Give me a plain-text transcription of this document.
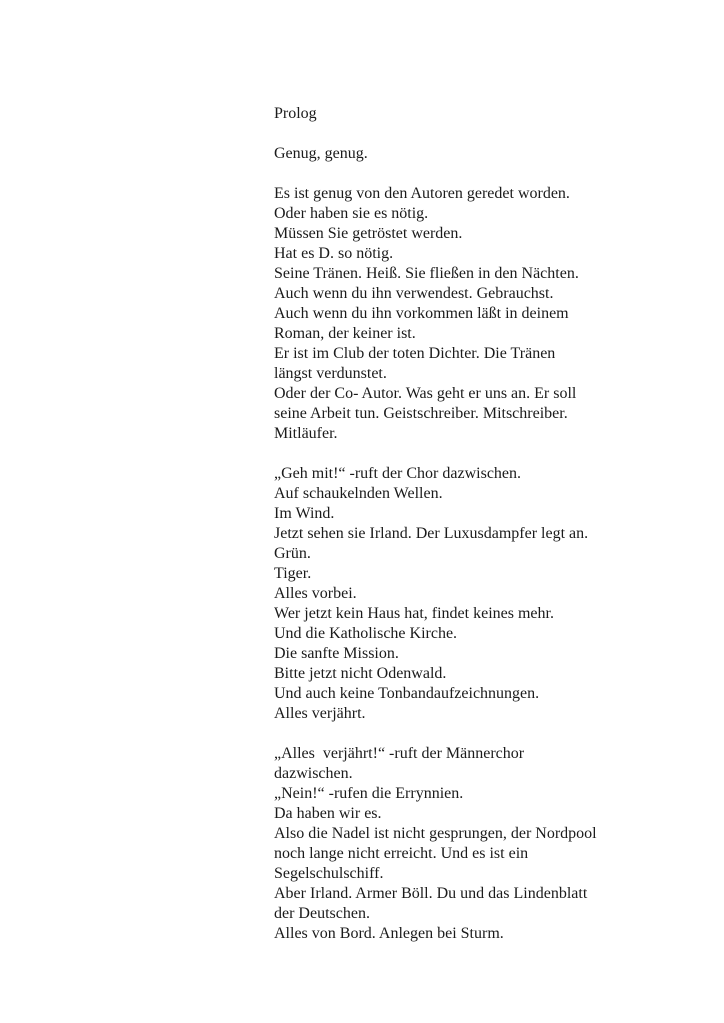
Prolog
Genug, genug.
Es ist genug von den Autoren geredet worden.
Oder haben sie es nötig.
Müssen Sie getröstet werden.
Hat es D. so nötig.
Seine Tränen. Heiß. Sie fließen in den Nächten.
Auch wenn du ihn verwendest. Gebrauchst.
Auch wenn du ihn vorkommen läßt in deinem
Roman, der keiner ist.
Er ist im Club der toten Dichter. Die Tränen
längst verdunstet.
Oder der Co- Autor. Was geht er uns an. Er soll
seine Arbeit tun. Geistschreiber. Mitschreiber.
Mitläufer.
„Geh mit!“ -ruft der Chor dazwischen.
Auf schaukelnden Wellen.
Im Wind.
Jetzt sehen sie Irland. Der Luxusdampfer legt an.
Grün.
Tiger.
Alles vorbei.
Wer jetzt kein Haus hat, findet keines mehr.
Und die Katholische Kirche.
Die sanfte Mission.
Bitte jetzt nicht Odenwald.
Und auch keine Tonbandaufzeichnungen.
Alles verjährt.
„Alles  verjährt!“ -ruft der Männerchor
dazwischen.
„Nein!“ -rufen die Errynnien.
Da haben wir es.
Also die Nadel ist nicht gesprungen, der Nordpool
noch lange nicht erreicht. Und es ist ein
Segelschulschiff.
Aber Irland. Armer Böll. Du und das Lindenblatt
der Deutschen.
Alles von Bord. Anlegen bei Sturm.
